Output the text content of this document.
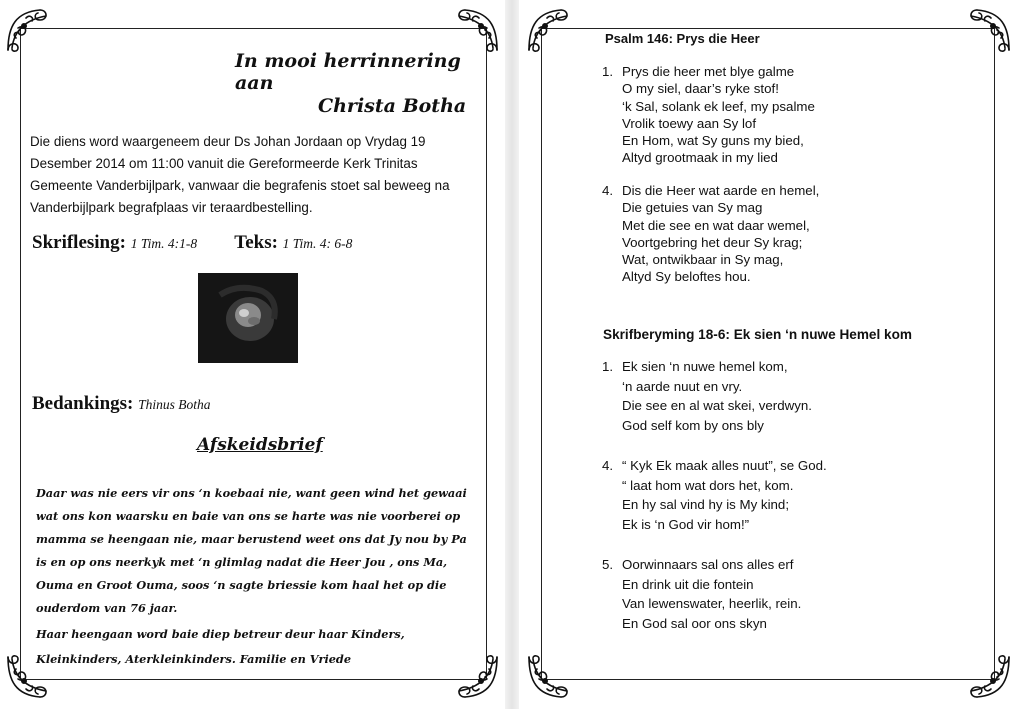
In mooi herrinnering aan
Christa Botha
Die diens word waargeneem deur Ds Johan Jordaan op Vrydag 19 Desember 2014 om 11:00 vanuit die Gereformeerde Kerk Trinitas Gemeente Vanderbijlpark, vanwaar die begrafenis stoet sal beweeg na Vanderbijlpark begrafplaas vir teraardbestelling.
Skriflesing: 1 Tim. 4:1-8 Teks: 1 Tim. 4: 6-8
Bedankings: Thinus Botha
Afskeidsbrief
Daar was nie eers vir ons ‘n koebaai nie, want geen wind het gewaai wat ons kon waarsku en baie van ons se harte was nie voorberei op mamma se heengaan nie, maar berustend weet ons dat Jy nou by Pa is en op ons neerkyk met ‘n glimlag nadat die Heer Jou , ons Ma, Ouma en Groot Ouma, soos ‘n sagte briessie kom haal het op die ouderdom van 76 jaar.
Haar heengaan word baie diep betreur deur haar Kinders, Kleinkinders, Aterkleinkinders. Familie en Vriede
Psalm 146: Prys die Heer
1. Prys die heer met blye galme
O my siel, daar’s ryke stof!
‘k Sal, solank ek leef, my psalme
Vrolik toewy aan Sy lof
En Hom, wat Sy guns my bied,
Altyd grootmaak in my lied
4. Dis die Heer wat aarde en hemel,
Die getuies van Sy mag
Met die see en wat daar wemel,
Voortgebring het deur Sy krag;
Wat, ontwikbaar in Sy mag,
Altyd Sy beloftes hou.
Skrifberyming 18-6: Ek sien ‘n nuwe Hemel kom
1. Ek sien ‘n nuwe hemel kom,
‘n aarde nuut en vry.
Die see en al wat skei, verdwyn.
God self kom by ons bly
4. “ Kyk Ek maak alles nuut”, se God.
“ laat hom wat dors het, kom.
En hy sal vind hy is My kind;
Ek is ‘n God vir hom!”
5. Oorwinnaars sal ons alles erf
En drink uit die fontein
Van lewenswater, heerlik, rein.
En God sal oor ons skyn
